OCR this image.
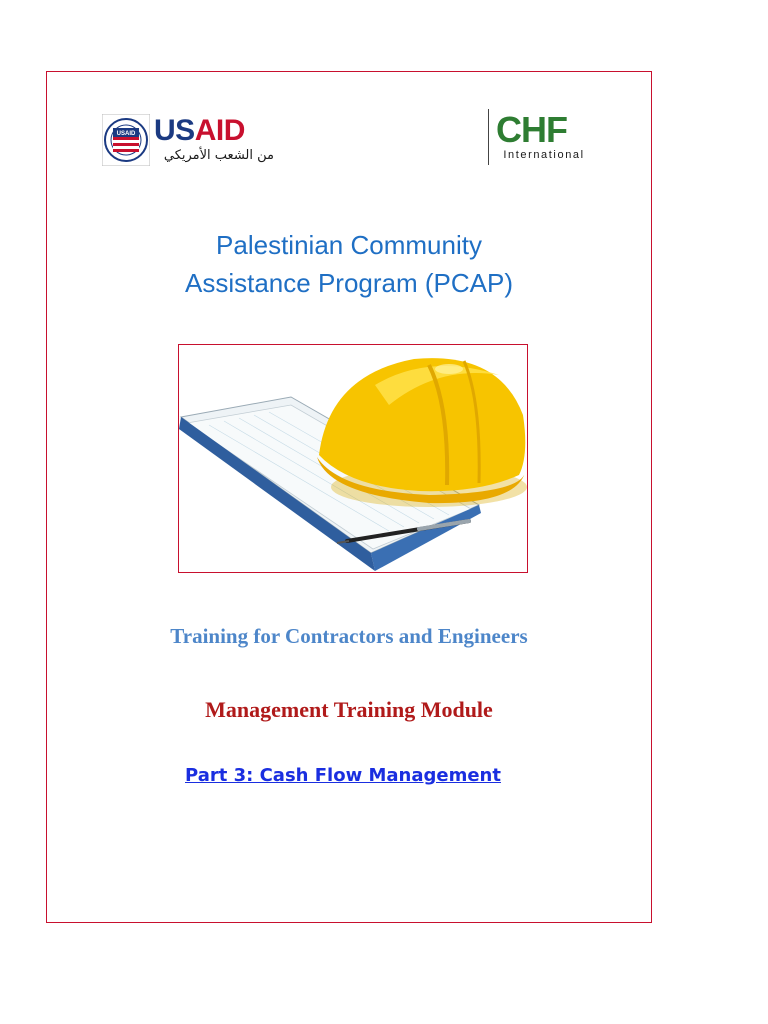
USAID USAID
من الشعب الأمريكي
CHF
International
Palestinian Community
Assistance Program (PCAP)
Training for Contractors and Engineers
Management Training Module
Part 3: Cash Flow Management
